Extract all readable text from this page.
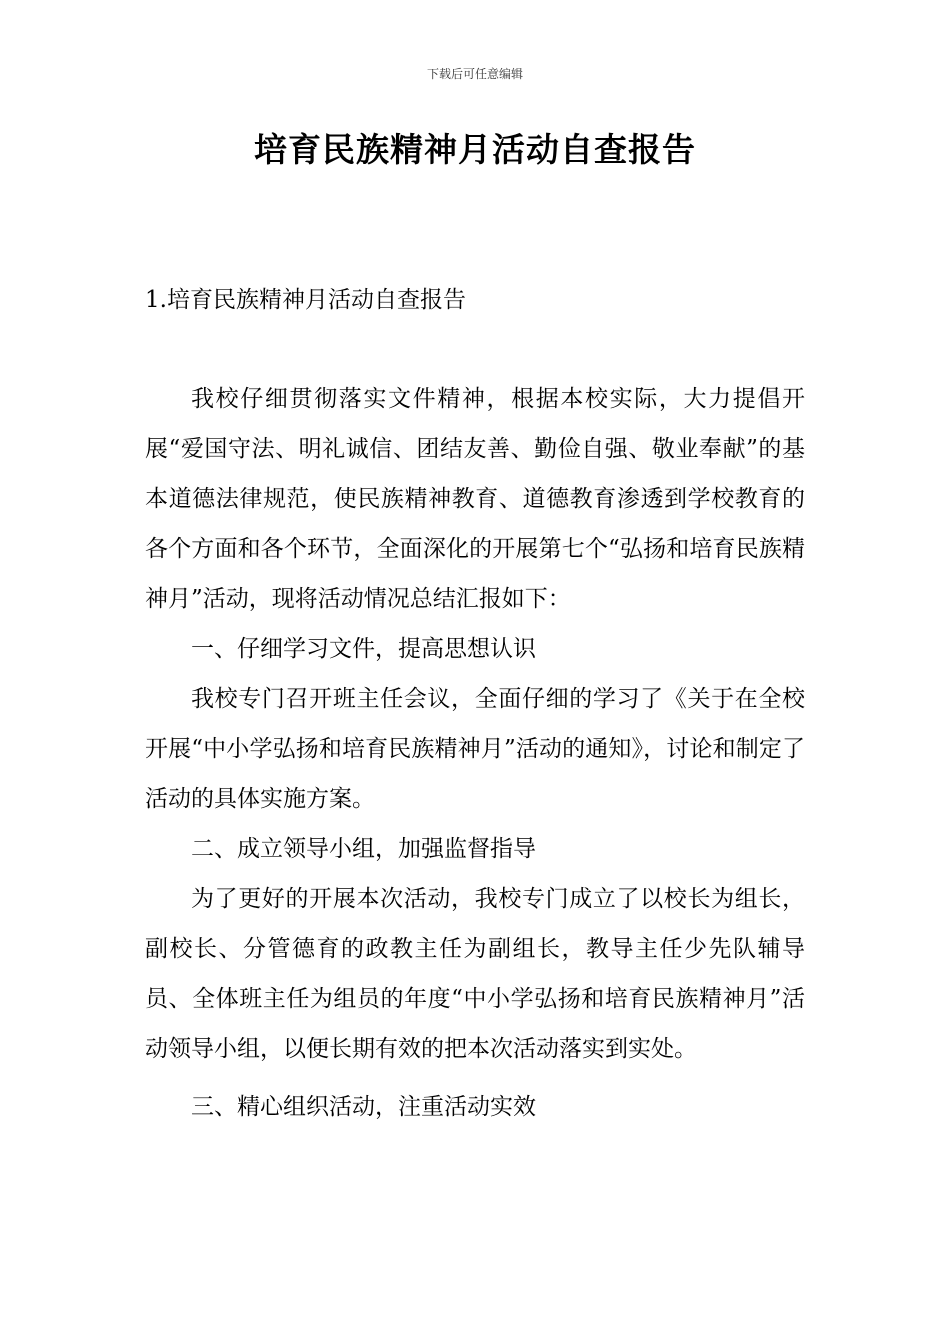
下载后可任意编辑
培育民族精神月活动自查报告
1.培育民族精神月活动自查报告

我校仔细贯彻落实文件精神，根据本校实际，大力提倡开展“爱国守法、明礼诚信、团结友善、勤俭自强、敬业奉献”的基本道德法律规范，使民族精神教育、道德教育渗透到学校教育的各个方面和各个环节，全面深化的开展第七个“弘扬和培育民族精神月”活动，现将活动情况总结汇报如下：

一、仔细学习文件，提高思想认识

我校专门召开班主任会议，全面仔细的学习了《关于在全校开展“中小学弘扬和培育民族精神月”活动的通知》，讨论和制定了活动的具体实施方案。

二、成立领导小组，加强监督指导

为了更好的开展本次活动，我校专门成立了以校长为组长，副校长、分管德育的政教主任为副组长，教导主任少先队辅导员、全体班主任为组员的年度“中小学弘扬和培育民族精神月”活动领导小组，以便长期有效的把本次活动落实到实处。

三、精心组织活动，注重活动实效
